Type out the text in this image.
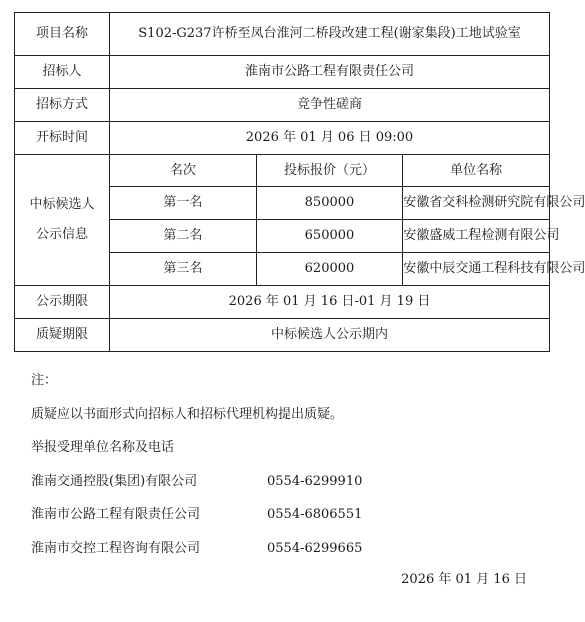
项目名称	S102-G237许桥至凤台淮河二桥段改建工程(谢家集段)工地试验室		
招标人	淮南市公路工程有限责任公司		
招标方式	竞争性磋商		
开标时间	2026 年 01 月 06 日 09:00		

中标候选人
公示信息	名次	投标报价（元）	单位名称
	第一名	850000	安徽省交科检测研究院有限公司
	第二名	650000	安徽盛威工程检测有限公司
	第三名	620000	安徽中辰交通工程科技有限公司
公示期限	2026 年 01 月 16 日-01 月 19 日		
质疑期限	中标候选人公示期内		
注：
质疑应以书面形式向招标人和招标代理机构提出质疑。
举报受理单位名称及电话
淮南交通控股(集团)有限公司	0554-6299910
淮南市公路工程有限责任公司	0554-6806551
淮南市交控工程咨询有限公司	0554-6299665
2026 年 01 月 16 日
